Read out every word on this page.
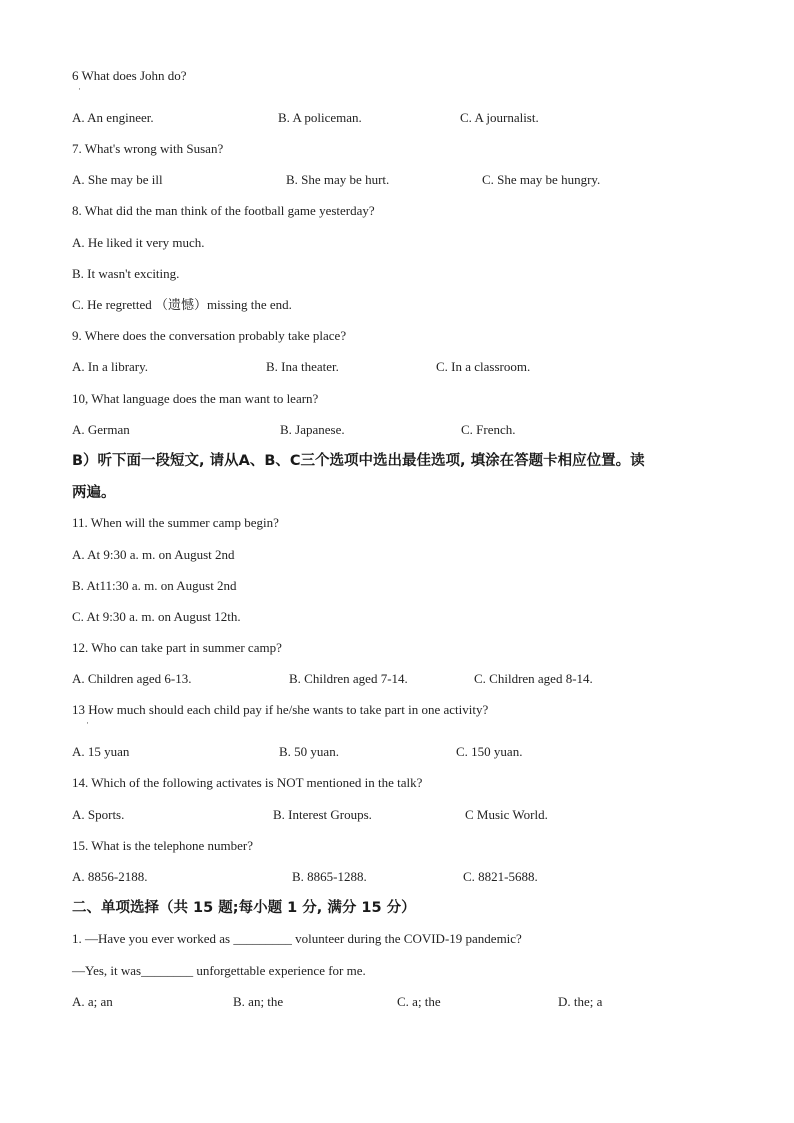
6 What does John do?
·
A. An engineer.	B. A policeman.	C. A journalist.
7. What's wrong with Susan?
A. She may be ill	B. She may be hurt.	C. She may be hungry.
8. What did the man think of the football game yesterday?
A. He liked it very much.
B. It wasn't exciting.
C. He regretted （遗憾）missing the end.
9. Where does the conversation probably take place?
A. In a library.	B. Ina theater.	C. In a classroom.
10, What language does the man want to learn?
A. German	B. Japanese.	C. French.
B）听下面一段短文, 请从A、B、C三个选项中选出最佳选项, 填涂在答题卡相应位置。读
两遍。
11. When will the summer camp begin?
A. At 9:30 a. m. on August 2nd
B. At11:30 a. m. on August 2nd
C. At 9:30 a. m. on August 12th.
12. Who can take part in summer camp?
A. Children aged 6-13.	B. Children aged 7-14.	C. Children aged 8-14.
13 How much should each child pay if he/she wants to take part in one activity?
·
A. 15 yuan	B. 50 yuan.	C. 150 yuan.
14. Which of the following activates is NOT mentioned in the talk?
A. Sports.	B. Interest Groups.	C Music World.
15. What is the telephone number?
A. 8856-2188.	B. 8865-1288.	C. 8821-5688.
二、单项选择（共 15 题;每小题 1 分, 满分 15 分）
1. —Have you ever worked as _________ volunteer during the COVID-19 pandemic?
—Yes, it was________ unforgettable experience for me.
A. a; an	B. an; the	C. a; the	D. the; a
